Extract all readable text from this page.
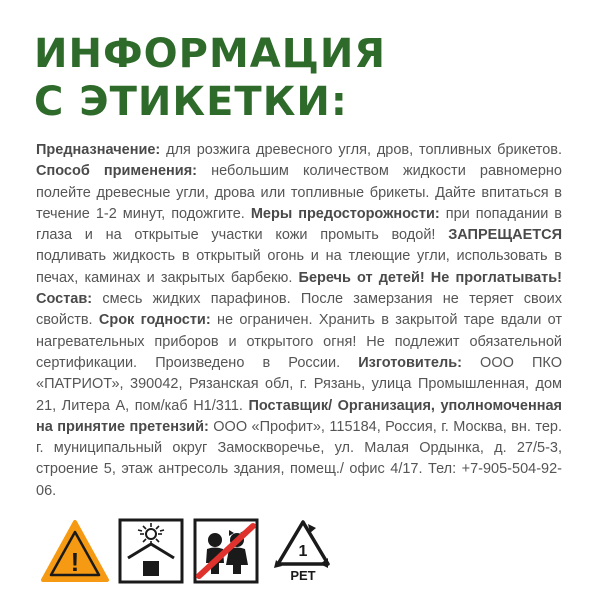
ИНФОРМАЦИЯ
С ЭТИКЕТКИ:

Предназначение: для розжига древесного угля, дров, топливных брикетов. Способ применения: небольшим количеством жидкости равномерно полейте древесные угли, дрова или топливные брикеты. Дайте впитаться в течение 1-2 минут, подожгите. Меры предосторожности: при попадании в глаза и на открытые участки кожи промыть водой! ЗАПРЕЩАЕТСЯ подливать жидкость в открытый огонь и на тлеющие угли, использовать в печах, каминах и закрытых барбекю. Беречь от детей! Не проглатывать! Состав: смесь жидких парафинов. После замерзания не теряет своих свойств. Срок годности: не ограничен. Хранить в закрытой таре вдали от нагревательных приборов и открытого огня! Не подлежит обязательной сертификации. Произведено в России. Изготовитель: ООО ПКО «ПАТРИОТ», 390042, Рязанская обл, г. Рязань, улица Промышленная, дом 21, Литера А, пом/каб Н1/311. Поставщик/ Организация, уполномоченная на принятие претензий: ООО «Профит», 115184, Россия, г. Москва, вн. тер. г. муниципальный округ Замоскворечье, ул. Малая Ордынка, д. 27/5-3, строение 5, этаж антресоль здания, помещ./ офис 4/17. Тел: +7-905-504-92-06.

!	1
PET
